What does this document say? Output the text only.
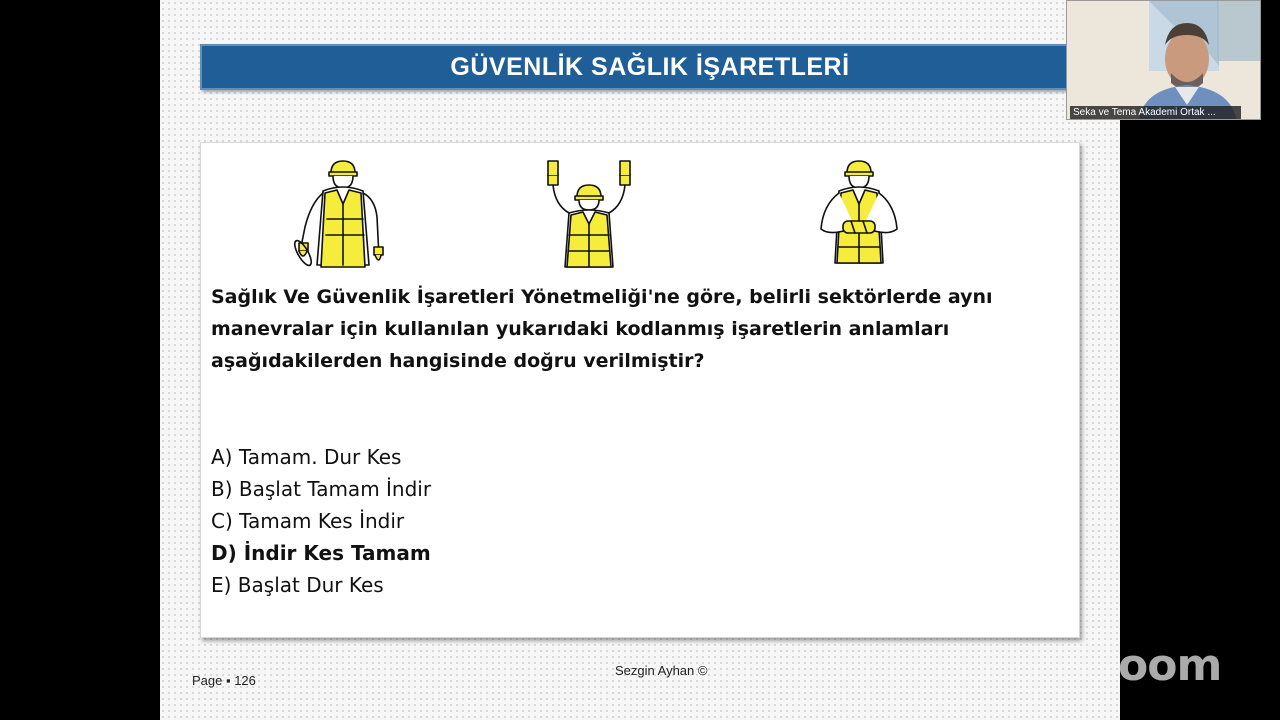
GÜVENLİK SAĞLIK İŞARETLERİ

Sağlık Ve Güvenlik İşaretleri Yönetmeliği'ne göre, belirli sektörlerde aynı
manevralar için kullanılan yukarıdaki kodlanmış işaretlerin anlamları
aşağıdakilerden hangisinde doğru verilmiştir?

A) Tamam. Dur Kes
B) Başlat Tamam İndir
C) Tamam Kes İndir
D) İndir Kes Tamam
E) Başlat Dur Kes
Page ▪ 126
Sezgin Ayhan ©	oom
Seka ve Tema Akademi Ortak ...
